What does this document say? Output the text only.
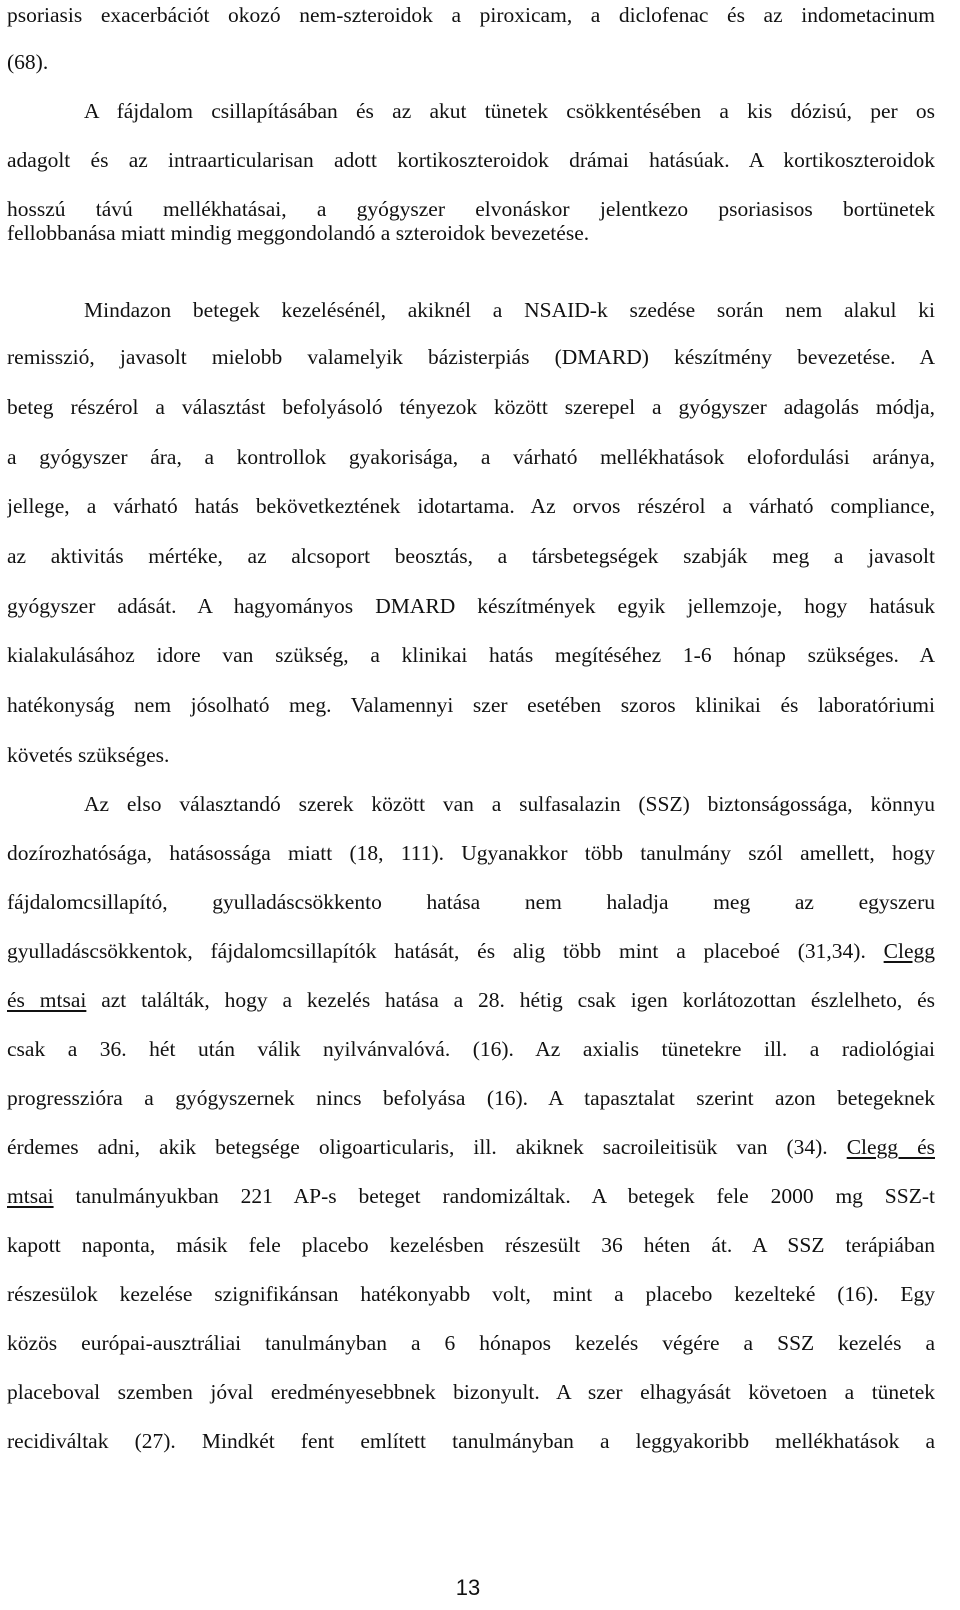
psoriasis exacerbációt okozó nem-szteroidok a piroxicam, a diclofenac és az indometacinum
(68).
A fájdalom csillapításában és az akut tünetek csökkentésében a kis dózisú, per os
adagolt és az intraarticularisan adott kortikoszteroidok drámai hatásúak. A kortikoszteroidok
hosszú távú mellékhatásai, a gyógyszer elvonáskor jelentkezo psoriasisos bortünetek
fellobbanása miatt mindig meggondolandó a szteroidok bevezetése.
Mindazon betegek kezelésénél, akiknél a NSAID-k szedése során nem alakul ki
remisszió, javasolt mielobb valamelyik bázisterpiás (DMARD) készítmény bevezetése. A
beteg részérol a választást befolyásoló tényezok között szerepel a gyógyszer adagolás módja,
a gyógyszer ára, a kontrollok gyakorisága, a várható mellékhatások elofordulási aránya,
jellege, a várható hatás bekövetkeztének idotartama. Az orvos részérol a várható compliance,
az aktivitás mértéke, az alcsoport beosztás, a társbetegségek szabják meg a javasolt
gyógyszer adását. A hagyományos DMARD készítmények egyik jellemzoje, hogy hatásuk
kialakulásához idore van szükség, a klinikai hatás megítéséhez 1-6 hónap szükséges. A
hatékonyság nem jósolható meg. Valamennyi szer esetében szoros klinikai és laboratóriumi
követés szükséges.
Az elso választandó szerek között van a sulfasalazin (SSZ) biztonságossága, könnyu
dozírozhatósága, hatásossága miatt (18, 111). Ugyanakkor több tanulmány szól amellett, hogy
fájdalomcsillapító, gyulladáscsökkento hatása nem haladja meg az egyszeru
gyulladáscsökkentok, fájdalomcsillapítók hatását, és alig több mint a placeboé (31,34). Clegg
és mtsai azt találták, hogy a kezelés hatása a 28. hétig csak igen korlátozottan észlelheto, és
csak a 36. hét után válik nyilvánvalóvá. (16). Az axialis tünetekre ill. a radiológiai
progresszióra a gyógyszernek nincs befolyása (16). A tapasztalat szerint azon betegeknek
érdemes adni, akik betegsége oligoarticularis, ill. akiknek sacroileitisük van (34). Clegg és
mtsai tanulmányukban 221 AP-s beteget randomizáltak. A betegek fele 2000 mg SSZ-t
kapott naponta, másik fele placebo kezelésben részesült 36 héten át. A SSZ terápiában
részesülok kezelése szignifikánsan hatékonyabb volt, mint a placebo kezelteké (16). Egy
közös európai-ausztráliai tanulmányban a 6 hónapos kezelés végére a SSZ kezelés a
placeboval szemben jóval eredményesebbnek bizonyult. A szer elhagyását követoen a tünetek
recidiváltak (27). Mindkét fent említett tanulmányban a leggyakoribb mellékhatások a
13
